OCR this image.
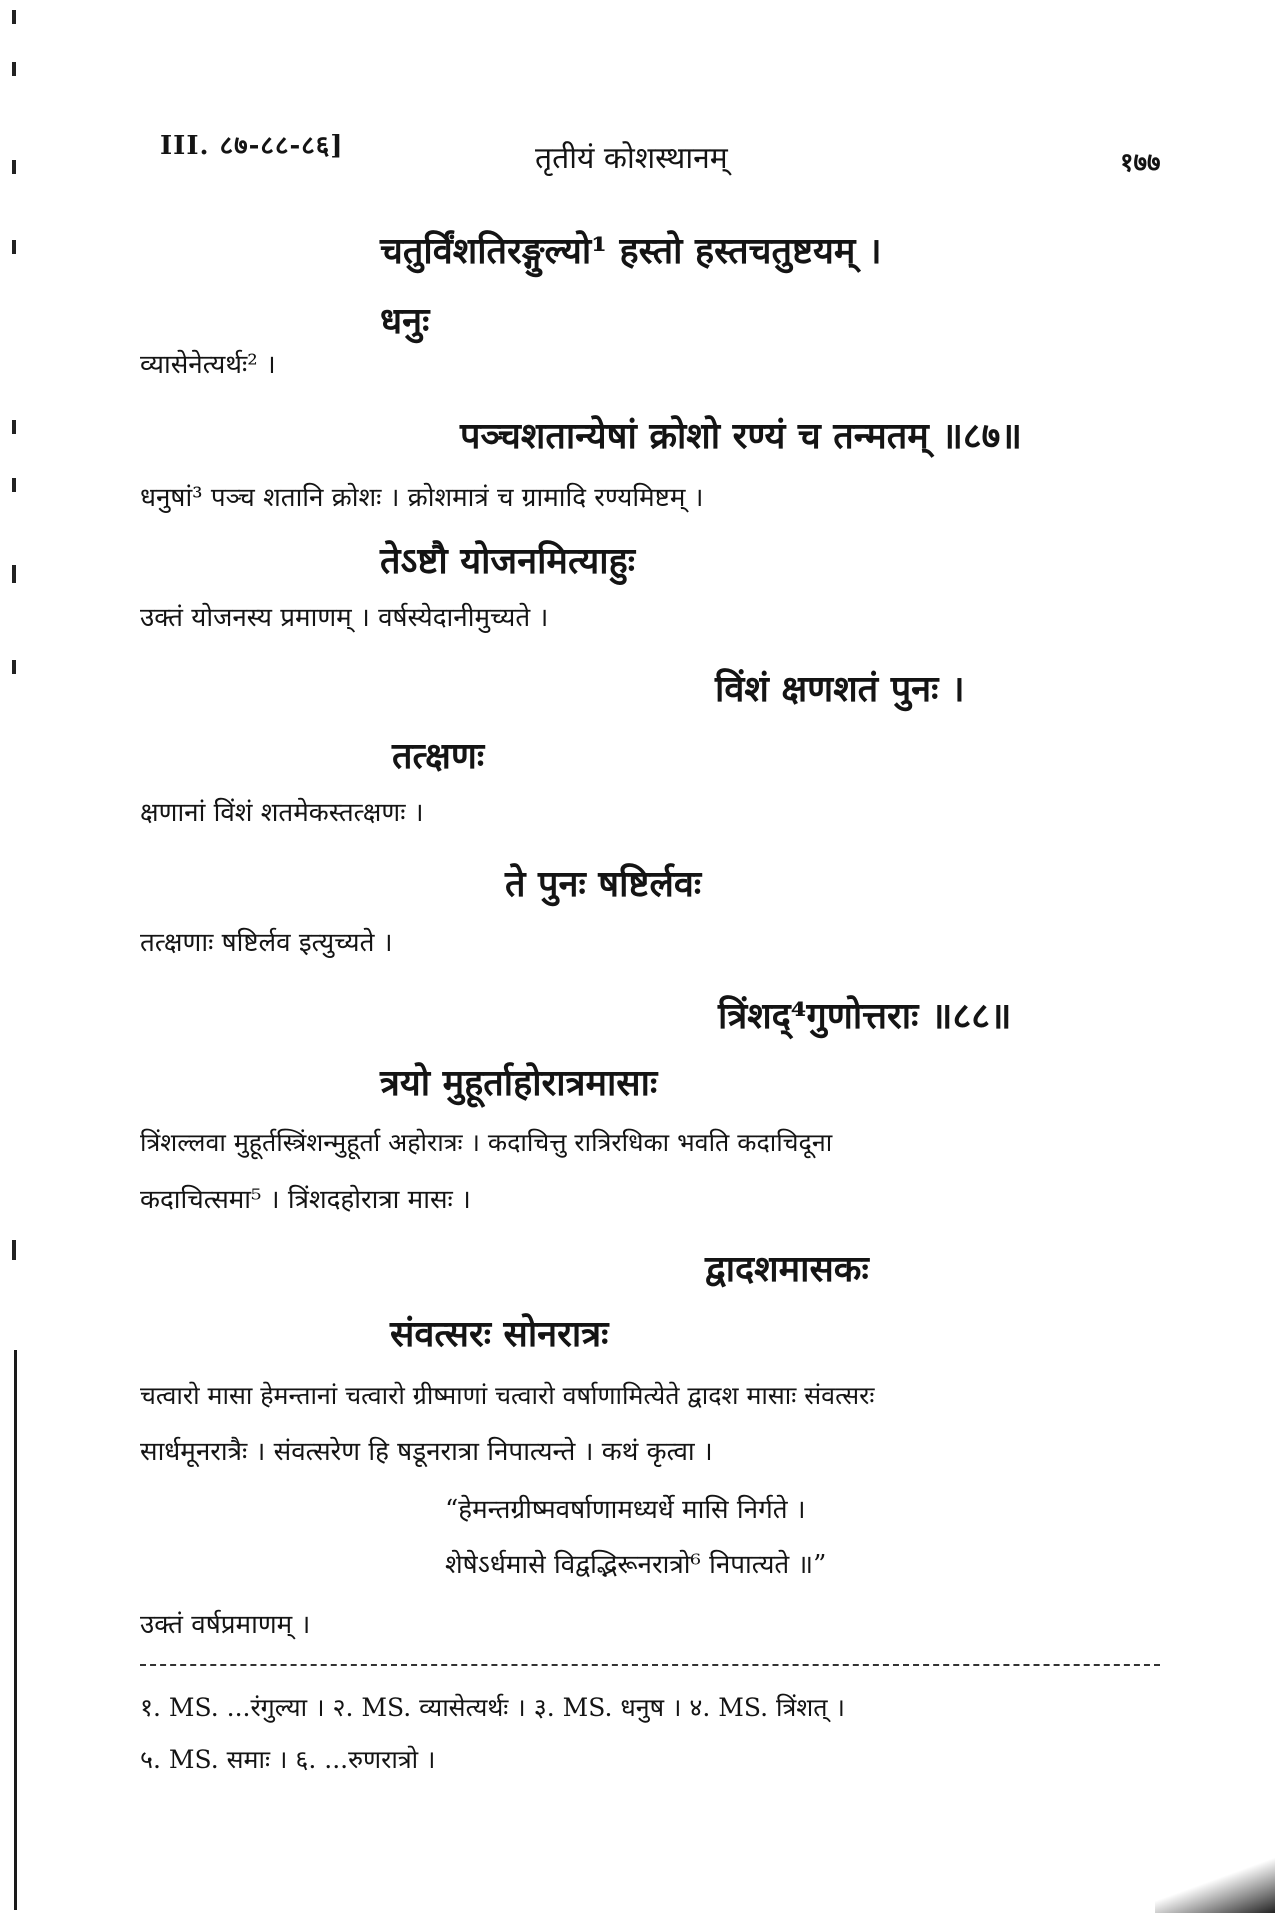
III. ८७-८८-८६]	तृतीयं कोशस्थानम्	१७७
चतुर्विंशतिरङ्गुल्यो¹ हस्तो हस्तचतुष्टयम् ।
धनुः
व्यासेनेत्यर्थः² ।
पञ्चशतान्येषां क्रोशो रण्यं च तन्मतम् ॥८७॥
धनुषां³ पञ्च शतानि क्रोशः । क्रोशमात्रं च ग्रामादि रण्यमिष्टम् ।
तेऽष्टौ योजनमित्याहुः
उक्तं योजनस्य प्रमाणम् । वर्षस्येदानीमुच्यते ।
विंशं क्षणशतं पुनः ।
तत्क्षणः
क्षणानां विंशं शतमेकस्तत्क्षणः ।
ते पुनः षष्टिर्लवः
तत्क्षणाः षष्टिर्लव इत्युच्यते ।
त्रिंशद्⁴गुणोत्तराः ॥८८॥
त्रयो मुहूर्ताहोरात्रमासाः
त्रिंशल्लवा मुहूर्तस्त्रिंशन्मुहूर्ता अहोरात्रः । कदाचित्तु रात्रिरधिका भवति कदाचिदूना
कदाचित्समा⁵ । त्रिंशदहोरात्रा मासः ।
द्वादशमासकः
संवत्सरः सोनरात्रः
चत्वारो मासा हेमन्तानां चत्वारो ग्रीष्माणां चत्वारो वर्षाणामित्येते द्वादश मासाः संवत्सरः
सार्धमूनरात्रैः । संवत्सरेण हि षडूनरात्रा निपात्यन्ते । कथं कृत्वा ।
“हेमन्तग्रीष्मवर्षाणामध्यर्धे मासि निर्गते ।
शेषेऽर्धमासे विद्वद्भिरूनरात्रो⁶ निपात्यते ॥”
उक्तं वर्षप्रमाणम् ।
१. MS. ...रंगुल्या । २. MS. व्यासेत्यर्थः । ३. MS. धनुष । ४. MS. त्रिंशत् ।
५. MS. समाः । ६. ...रुणरात्रो ।
